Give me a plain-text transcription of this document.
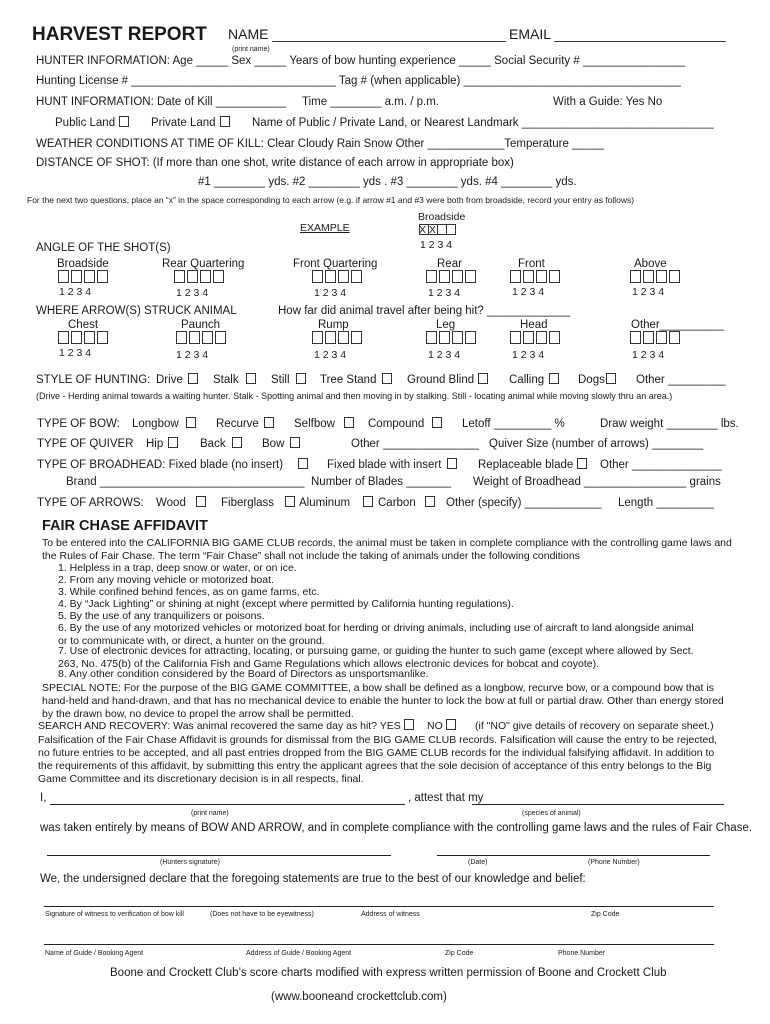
HARVEST REPORT NAME ______________________________ EMAIL ______________________
(print name)
HUNTER INFORMATION: Age _____ Sex _____ Years of bow hunting experience _____ Social Security # ________________
Hunting License # ________________________________ Tag # (when applicable) __________________________________
HUNT INFORMATION: Date of Kill ___________ Time ________ a.m. / p.m.	With a Guide: Yes No
Public Land	Private Land	Name of Public / Private Land, or Nearest Landmark ______________________________
WEATHER CONDITIONS AT TIME OF KILL: Clear Cloudy Rain Snow Other ____________Temperature _____
DISTANCE OF SHOT: (If more than one shot, write distance of each arrow in appropriate box)
#1 ________ yds. #2 ________ yds . #3 ________ yds. #4 ________ yds.
For the next two questions, place an “x” in the space corresponding to each arrow (e.g. if arrow #1 and #3 were both from broadside, record your entry as follows)
Broadside
EXAMPLE	X X
1 2 3 4
ANGLE OF THE SHOT(S)
Broadside	Rear Quartering	Front Quartering	Rear	Front	Above
1 2 3 4	1 2 3 4	1 2 3 4	1 2 3 4	1 2 3 4	1 2 3 4
WHERE ARROW(S) STRUCK ANIMAL	How far did animal travel after being hit? _____________
Chest	Paunch	Rump	Leg	Head	Other__________
1 2 3 4	1 2 3 4	1 2 3 4	1 2 3 4	1 2 3 4	1 2 3 4
STYLE OF HUNTING: Drive	Stalk	Still	Tree Stand	Ground Blind	Calling	Dogs	Other _________
(Drive - Herding animal towards a waiting hunter. Stalk - Spotting animal and then moving in by stalking. Still - locating animal while moving slowly thru an area.)
TYPE OF BOW: Longbow	Recurve	Selfbow	Compound	Letoff _________ %	Draw weight ________ lbs.
TYPE OF QUIVER Hip	Back	Bow	Other _______________ Quiver Size (number of arrows) ________
TYPE OF BROADHEAD: Fixed blade (no insert)	Fixed blade with insert	Replaceable blade Other ______________
Brand ________________________________ Number of Blades _______ Weight of Broadhead ________________ grains
TYPE OF ARROWS: Wood	Fiberglass Aluminum Carbon	Other (specify) ____________ Length _________
FAIR CHASE AFFIDAVIT
To be entered into the CALIFORNIA BIG GAME CLUB records, the animal must be taken in complete compliance with the controlling game laws and the Rules of Fair Chase. The term “Fair Chase” shall not include the taking of animals under the following conditions
1. Helpless in a trap, deep snow or water, or on ice.
2. From any moving vehicle or motorized boat.
3. While confined behind fences, as on game farms, etc.
4. By “Jack Lighting” or shining at night (except where permitted by California hunting regulations).
5. By the use of any tranquilizers or poisons.
6. By the use of any motorized vehicles or motorized boat for herding or driving animals, including use of aircraft to land alongside animal or to communicate with, or direct, a hunter on the ground.
7. Use of electronic devices for attracting, locating, or pursuing game, or guiding the hunter to such game (except where allowed by Sect. 263, No. 475(b) of the California Fish and Game Regulations which allows electronic devices for bobcat and coyote).
8. Any other condition considered by the Board of Directors as unsportsmanlike.
SPECIAL NOTE: For the purpose of the BIG GAME COMMITTEE, a bow shall be defined as a longbow, recurve bow, or a compound bow that is hand-held and hand-drawn, and that has no mechanical device to enable the hunter to lock the bow at full or partial draw. Other than energy stored by the drawn bow, no device to propel the arrow shall be permitted.
SEARCH AND RECOVERY: Was animal recovered the same day as hit? YES NO	(if "NO" give details of recovery on separate sheet.)
Falsification of the Fair Chase Affidavit is grounds for dismissal from the BIG GAME CLUB records. Falsification will cause the entry to be rejected, no future entries to be accepted, and all past entries dropped from the BIG GAME CLUB records for the individual falsifying affidavit. In addition to the requirements of this affidavit, by submitting this entry the applicant agrees that the sole decision of acceptance of this entry belongs to the Big Game Committee and its discretionary decision is in all respects, final.
I,	, attest that my
(print name)	(species of animal)
was taken entirely by means of BOW AND ARROW, and in complete compliance with the controlling game laws and the rules of Fair Chase.
(Hunters signature)	(Date)	(Phone Number)
We, the undersigned declare that the foregoing statements are true to the best of our knowledge and belief:
Signature of witness to verification of bow kill	(Does not have to be eyewitness)	Address of witness	Zip Code
Name of Guide / Booking Agent	Address of Guide / Booking Agent	Zip Code	Phone Number
Boone and Crockett Club’s score charts modified with express written permission of Boone and Crockett Club
(www.booneand crockettclub.com)
